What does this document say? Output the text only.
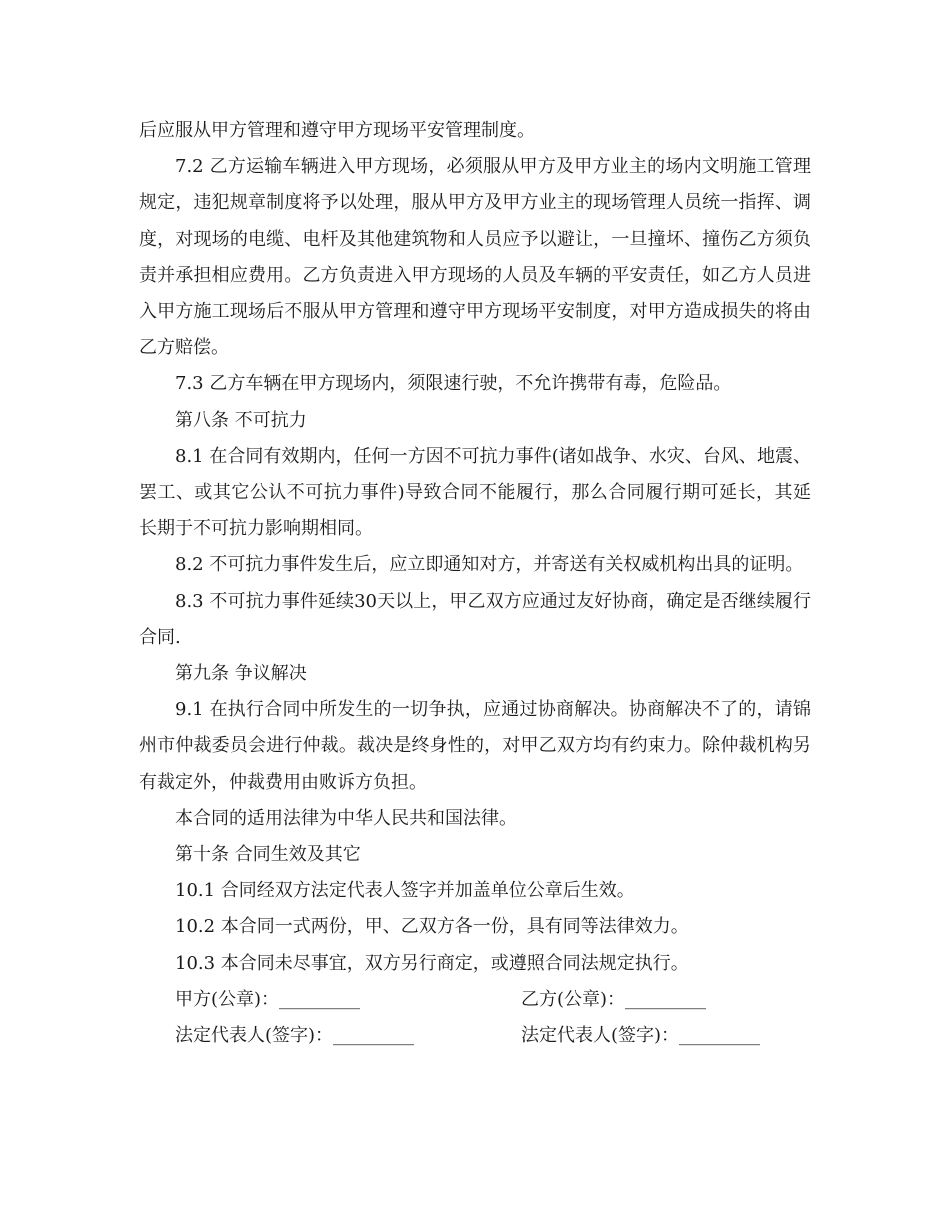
后应服从甲方管理和遵守甲方现场平安管理制度。

7.2 乙方运输车辆进入甲方现场，必须服从甲方及甲方业主的场内文明施工管理规定，违犯规章制度将予以处理，服从甲方及甲方业主的现场管理人员统一指挥、调度，对现场的电缆、电杆及其他建筑物和人员应予以避让，一旦撞坏、撞伤乙方须负责并承担相应费用。乙方负责进入甲方现场的人员及车辆的平安责任，如乙方人员进入甲方施工现场后不服从甲方管理和遵守甲方现场平安制度，对甲方造成损失的将由乙方赔偿。

7.3 乙方车辆在甲方现场内，须限速行驶，不允许携带有毒，危险品。

第八条 不可抗力

8.1 在合同有效期内，任何一方因不可抗力事件(诸如战争、水灾、台风、地震、罢工、或其它公认不可抗力事件)导致合同不能履行，那么合同履行期可延长，其延长期于不可抗力影响期相同。

8.2 不可抗力事件发生后，应立即通知对方，并寄送有关权威机构出具的证明。

8.3 不可抗力事件延续30天以上，甲乙双方应通过友好协商，确定是否继续履行合同.

第九条 争议解决

9.1 在执行合同中所发生的一切争执，应通过协商解决。协商解决不了的，请锦州市仲裁委员会进行仲裁。裁决是终身性的，对甲乙双方均有约束力。除仲裁机构另有裁定外，仲裁费用由败诉方负担。

本合同的适用法律为中华人民共和国法律。

第十条 合同生效及其它

10.1 合同经双方法定代表人签字并加盖单位公章后生效。

10.2 本合同一式两份，甲、乙双方各一份，具有同等法律效力。

10.3 本合同未尽事宜，双方另行商定，或遵照合同法规定执行。

甲方(公章)：_________	乙方(公章)：_________
法定代表人(签字)：_________	法定代表人(签字)：_________
